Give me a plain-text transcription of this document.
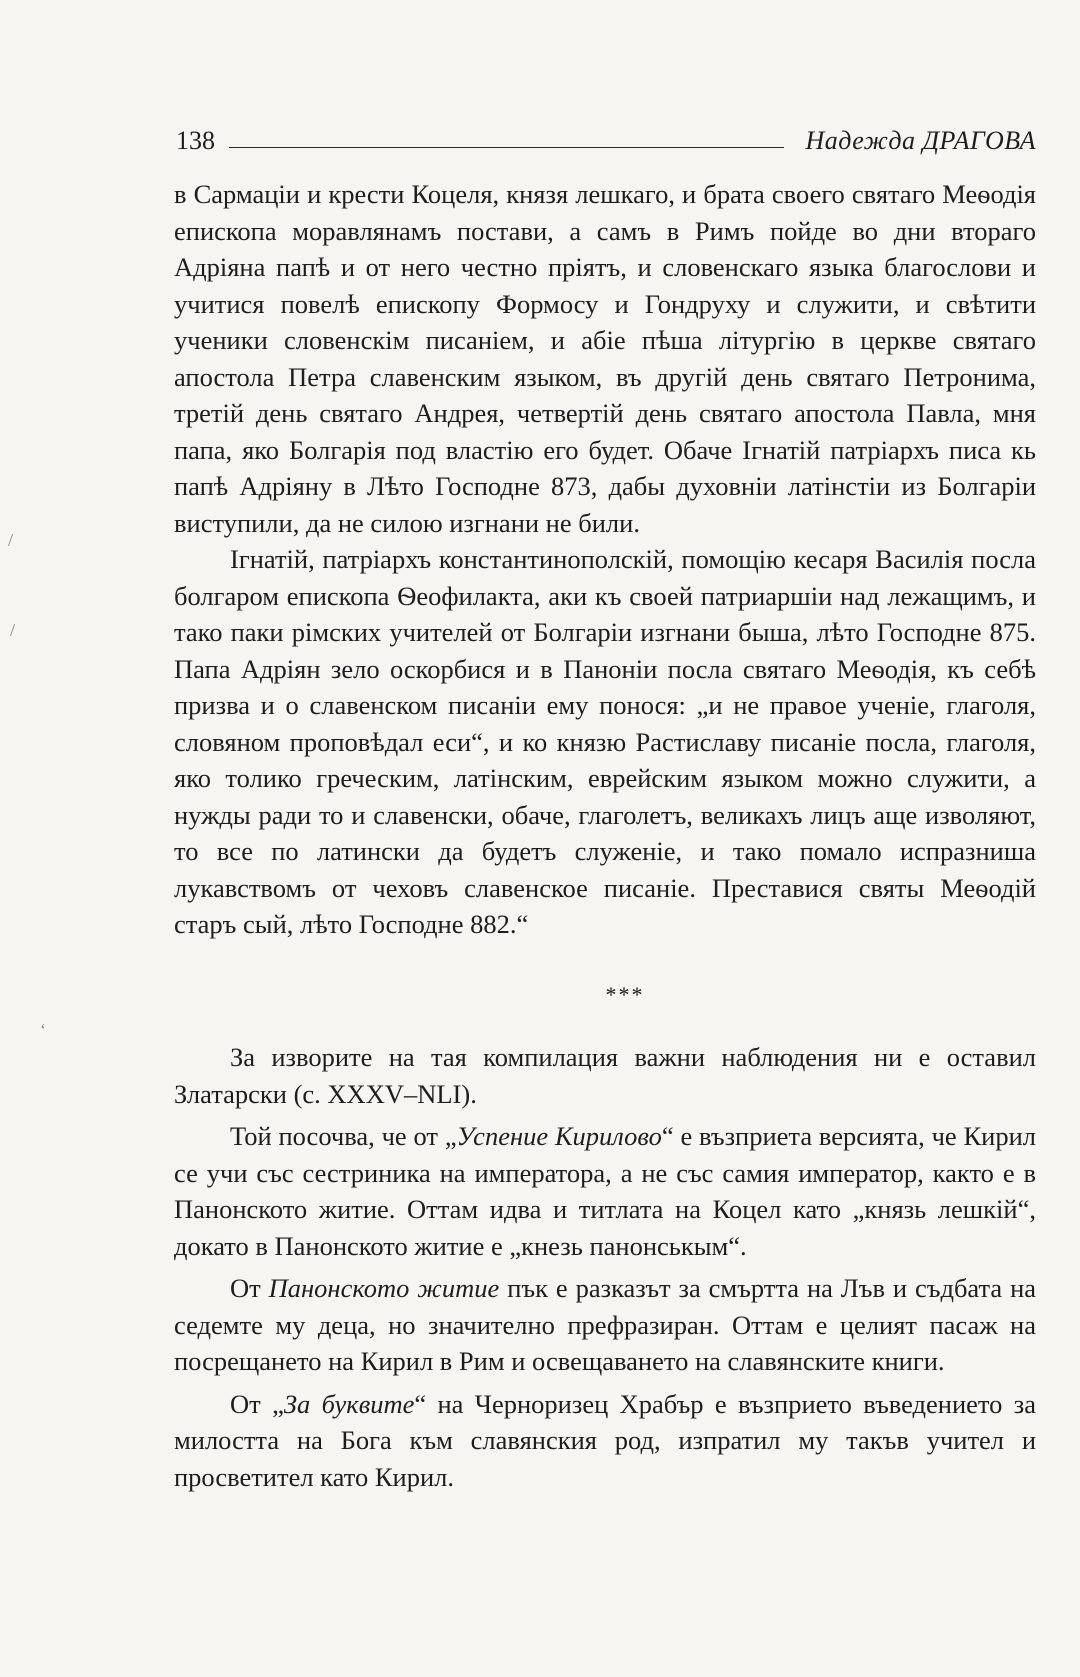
/
/
‘
138	Надежда ДРАГОВА

в Сармаціи и крести Коцеля, князя лешкаго, и брата своего святаго Меѳодія епископа моравлянамъ постави, а самъ в Римъ пойде во дни втораго Адріяна папѣ и от него честно пріятъ, и словенскаго языка благослови и учитися повелѣ епископу Формосу и Гондруху и служити, и свѣтити ученики словенскім писаніем, и абіе пѣша літургію в церкве святаго апостола Петра славенским языком, въ другій день святаго Петронима, третій день святаго Андрея, четвертій день святаго апостола Павла, мня папа, яко Болгарія под властію его будет. Обаче Ігнатій патріархъ писа кь папѣ Адріяну в Лѣто Господне 873, дабы духовніи латінстіи из Болгаріи виступили, да не силою изгнани не били.

Ігнатій, патріархъ константинополскій, помощію кесаря Василія посла болгаром епископа Ѳеофилакта, аки къ своей патриаршіи над лежащимъ, и тако паки рімских учителей от Болгаріи изгнани быша, лѣто Господне 875. Папа Адріян зело оскорбися и в Паноніи посла святаго Меѳодія, къ себѣ призва и о славенском писаніи ему понося: „и не правое ученіе, глаголя, словяном проповѣдал еси“, и ко князю Растиславу писаніе посла, глаголя, яко толико греческим, латінским, еврейским языком можно служити, а нужды ради то и славенски, обаче, глаголетъ, великахъ лицъ аще изволяют, то все по латински да будетъ служеніе, и тако помало испразниша лукавствомъ от чеховъ славенское писаніе. Преставися святы Меѳодій старъ сый, лѣто Господне 882.“

***

За изворите на тая компилация важни наблюдения ни е оставил Златарски (с. XXXV–NLI).

Той посочва, че от „Успение Кирилово“ е възприета версията, че Кирил се учи със сестриника на императора, а не със самия император, както е в Панонското житие. Оттам идва и титлата на Коцел като „князь лешкій“, докато в Панонското житие е „кнезь панонськым“.

От Панонското житие пък е разказът за смъртта на Лъв и съдбата на седемте му деца, но значително префразиран. Оттам е целият пасаж на посрещането на Кирил в Рим и освещаването на славянските книги.

От „За буквите“ на Черноризец Храбър е възприето въведението за милостта на Бога към славянския род, изпратил му такъв учител и просветител като Кирил.
